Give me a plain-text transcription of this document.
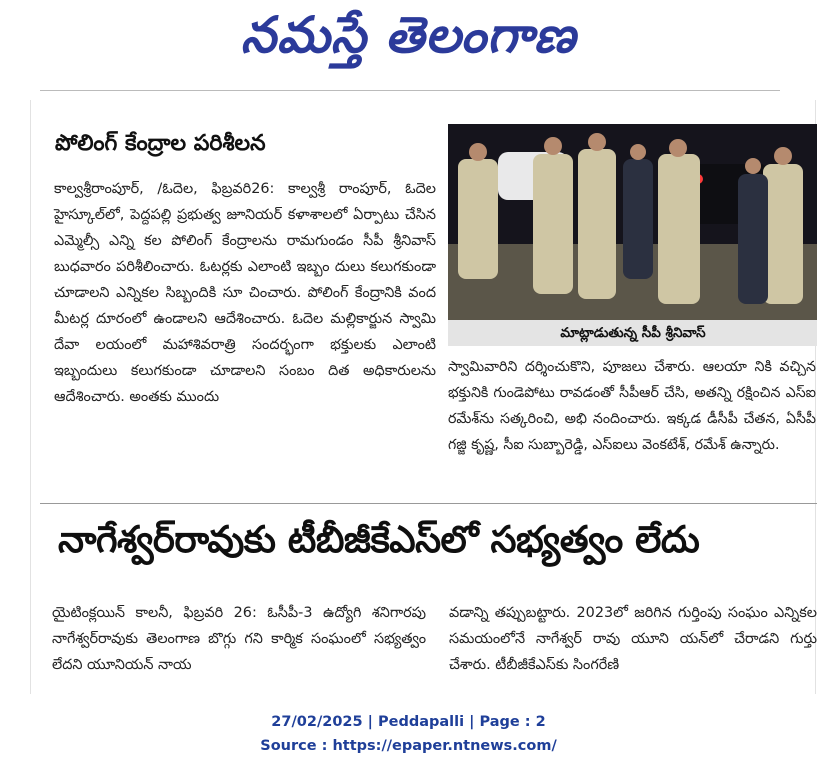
నమస్తే తెలంగాణ
పోలింగ్ కేంద్రాల పరిశీలన

కాల్వశ్రీరాంపూర్, /ఓదెల, ఫిబ్రవరి26: కాల్వశ్రీ రాంపూర్, ఓదెల హైస్కూల్‌లో, పెద్దపల్లి ప్రభుత్వ జూనియర్ కళాశాలలో ఏర్పాటు చేసిన ఎమ్మెల్సీ ఎన్ని కల పోలింగ్ కేంద్రాలను రామగుండం సీపీ శ్రీనివాస్ బుధవారం పరిశీలించారు. ఓటర్లకు ఎలాంటి ఇబ్బం దులు కలుగకుండా చూడాలని ఎన్నికల సిబ్బందికి సూ చించారు. పోలింగ్ కేంద్రానికి వంద మీటర్ల దూరంలో ఉండాలని ఆదేశించారు. ఓదెల మల్లికార్జున స్వామి దేవా లయంలో మహాశివరాత్రి సందర్భంగా భక్తులకు ఎలాంటి ఇబ్బందులు కలుగకుండా చూడాలని సంబం దిత అధికారులను ఆదేశించారు. అంతకు ముందు

మాట్లాడుతున్న సీపీ శ్రీనివాస్

స్వామివారిని దర్శించుకొని, పూజలు చేశారు. ఆలయా నికి వచ్చిన భక్తునికి గుండెపోటు రావడంతో సీపీఆర్ చేసి, అతన్ని రక్షించిన ఎస్ఐ రమేశ్‌ను సత్కరించి, అభి నందించారు. ఇక్కడ డీసీపీ చేతన, ఏసీపీ గజ్జి కృష్ణ, సీఐ సుబ్బారెడ్డి, ఎస్ఐలు వెంకటేశ్, రమేశ్ ఉన్నారు.

నాగేశ్వర్‌రావుకు టీబీజీకేఎస్‌లో సభ్యత్వం లేదు

యైటింక్లయిన్ కాలనీ, ఫిబ్రవరి 26: ఓసీపీ-3 ఉద్యోగి శనిగారపు నాగేశ్వర్‌రావుకు తెలంగాణ బొగ్గు గని కార్మిక సంఘంలో సభ్యత్వం లేదని యూనియన్ నాయ

వడాన్ని తప్పుబట్టారు. 2023లో జరిగిన గుర్తింపు సంఘం ఎన్నికల సమయంలోనే నాగేశ్వర్ రావు యూని యన్‌లో చేరాడని గుర్తు చేశారు. టీబీజీకేఎస్‌కు సింగరేణి

27/02/2025 | Peddapalli | Page : 2
Source : https://epaper.ntnews.com/
